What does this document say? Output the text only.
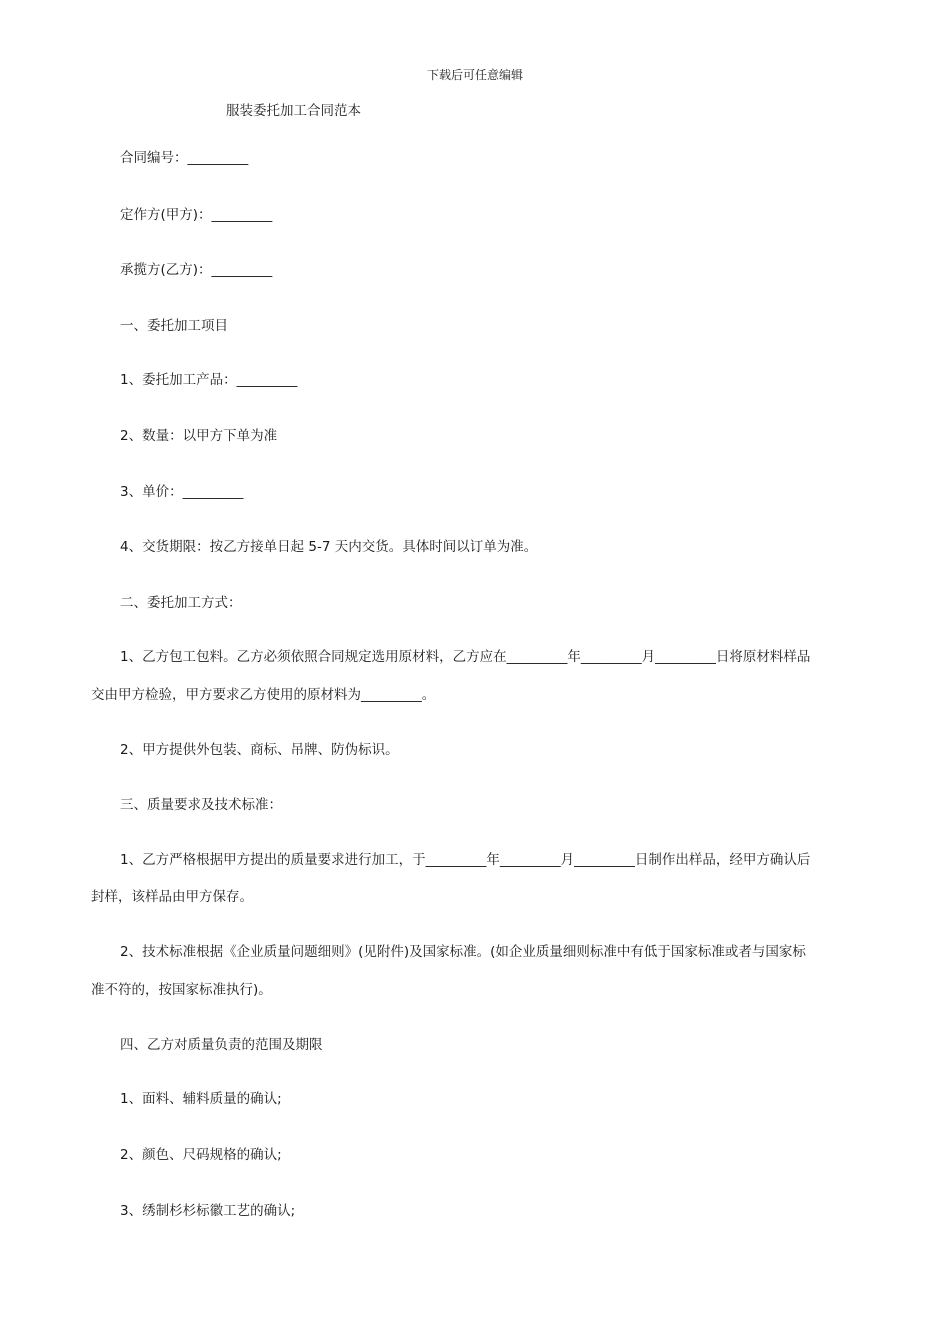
下载后可任意编辑
服装委托加工合同范本
合同编号：_________
定作方(甲方)：_________
承揽方(乙方)：_________
一、委托加工项目
1、委托加工产品：_________
2、数量：以甲方下单为准
3、单价：_________
4、交货期限：按乙方接单日起 5-7 天内交货。具体时间以订单为准。
二、委托加工方式：
1、乙方包工包料。乙方必须依照合同规定选用原材料，乙方应在_________年_________月_________日将原材料样品
交由甲方检验，甲方要求乙方使用的原材料为_________。
2、甲方提供外包装、商标、吊牌、防伪标识。
三、质量要求及技术标准：
1、乙方严格根据甲方提出的质量要求进行加工，于_________年_________月_________日制作出样品，经甲方确认后
封样，该样品由甲方保存。
2、技术标准根据《企业质量问题细则》(见附件)及国家标准。(如企业质量细则标准中有低于国家标准或者与国家标
准不符的，按国家标准执行)。
四、乙方对质量负责的范围及期限
1、面料、辅料质量的确认;
2、颜色、尺码规格的确认;
3、绣制杉杉标徽工艺的确认;
